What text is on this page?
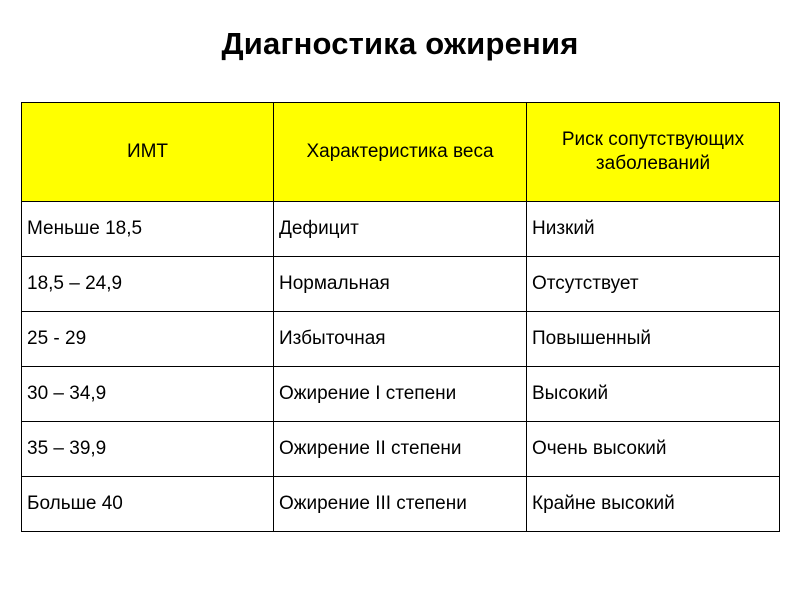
Диагностика ожирения
ИМТ	Характеристика веса	Риск сопутствующих заболеваний
Меньше 18,5	Дефицит	Низкий
18,5 – 24,9	Нормальная	Отсутствует
25 - 29	Избыточная	Повышенный
30 – 34,9	Ожирение I степени	Высокий
35 – 39,9	Ожирение II степени	Очень высокий
Больше 40	Ожирение III степени	Крайне высокий
